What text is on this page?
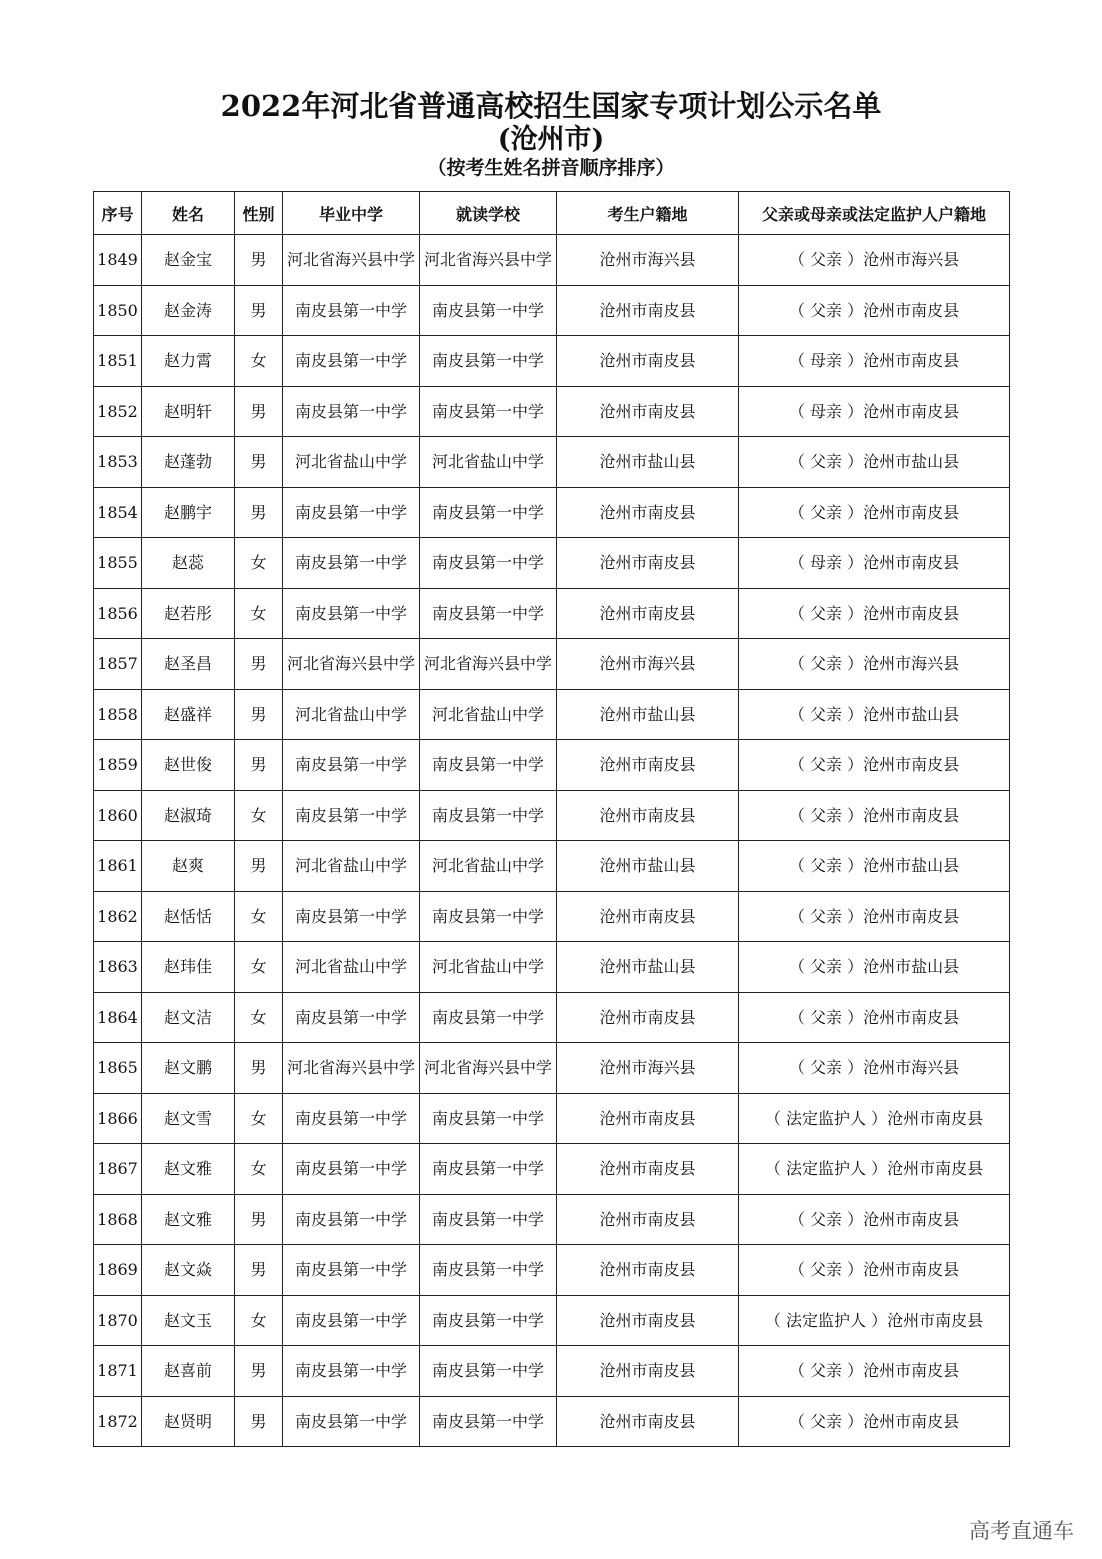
2022年河北省普通高校招生国家专项计划公示名单
(沧州市)
（按考生姓名拼音顺序排序）
序号	姓名	性别	毕业中学	就读学校	考生户籍地	父亲或母亲或法定监护人户籍地
1849	赵金宝	男	河北省海兴县中学	河北省海兴县中学	沧州市海兴县	（ 父亲 ）沧州市海兴县
1850	赵金涛	男	南皮县第一中学	南皮县第一中学	沧州市南皮县	（ 父亲 ）沧州市南皮县
1851	赵力霄	女	南皮县第一中学	南皮县第一中学	沧州市南皮县	（ 母亲 ）沧州市南皮县
1852	赵明轩	男	南皮县第一中学	南皮县第一中学	沧州市南皮县	（ 母亲 ）沧州市南皮县
1853	赵蓬勃	男	河北省盐山中学	河北省盐山中学	沧州市盐山县	（ 父亲 ）沧州市盐山县
1854	赵鹏宇	男	南皮县第一中学	南皮县第一中学	沧州市南皮县	（ 父亲 ）沧州市南皮县
1855	赵蕊	女	南皮县第一中学	南皮县第一中学	沧州市南皮县	（ 母亲 ）沧州市南皮县
1856	赵若彤	女	南皮县第一中学	南皮县第一中学	沧州市南皮县	（ 父亲 ）沧州市南皮县
1857	赵圣昌	男	河北省海兴县中学	河北省海兴县中学	沧州市海兴县	（ 父亲 ）沧州市海兴县
1858	赵盛祥	男	河北省盐山中学	河北省盐山中学	沧州市盐山县	（ 父亲 ）沧州市盐山县
1859	赵世俊	男	南皮县第一中学	南皮县第一中学	沧州市南皮县	（ 父亲 ）沧州市南皮县
1860	赵淑琦	女	南皮县第一中学	南皮县第一中学	沧州市南皮县	（ 父亲 ）沧州市南皮县
1861	赵爽	男	河北省盐山中学	河北省盐山中学	沧州市盐山县	（ 父亲 ）沧州市盐山县
1862	赵恬恬	女	南皮县第一中学	南皮县第一中学	沧州市南皮县	（ 父亲 ）沧州市南皮县
1863	赵玮佳	女	河北省盐山中学	河北省盐山中学	沧州市盐山县	（ 父亲 ）沧州市盐山县
1864	赵文洁	女	南皮县第一中学	南皮县第一中学	沧州市南皮县	（ 父亲 ）沧州市南皮县
1865	赵文鹏	男	河北省海兴县中学	河北省海兴县中学	沧州市海兴县	（ 父亲 ）沧州市海兴县
1866	赵文雪	女	南皮县第一中学	南皮县第一中学	沧州市南皮县	（ 法定监护人 ）沧州市南皮县
1867	赵文雅	女	南皮县第一中学	南皮县第一中学	沧州市南皮县	（ 法定监护人 ）沧州市南皮县
1868	赵文雅	男	南皮县第一中学	南皮县第一中学	沧州市南皮县	（ 父亲 ）沧州市南皮县
1869	赵文焱	男	南皮县第一中学	南皮县第一中学	沧州市南皮县	（ 父亲 ）沧州市南皮县
1870	赵文玉	女	南皮县第一中学	南皮县第一中学	沧州市南皮县	（ 法定监护人 ）沧州市南皮县
1871	赵喜前	男	南皮县第一中学	南皮县第一中学	沧州市南皮县	（ 父亲 ）沧州市南皮县
1872	赵贤明	男	南皮县第一中学	南皮县第一中学	沧州市南皮县	（ 父亲 ）沧州市南皮县
高考直通车
